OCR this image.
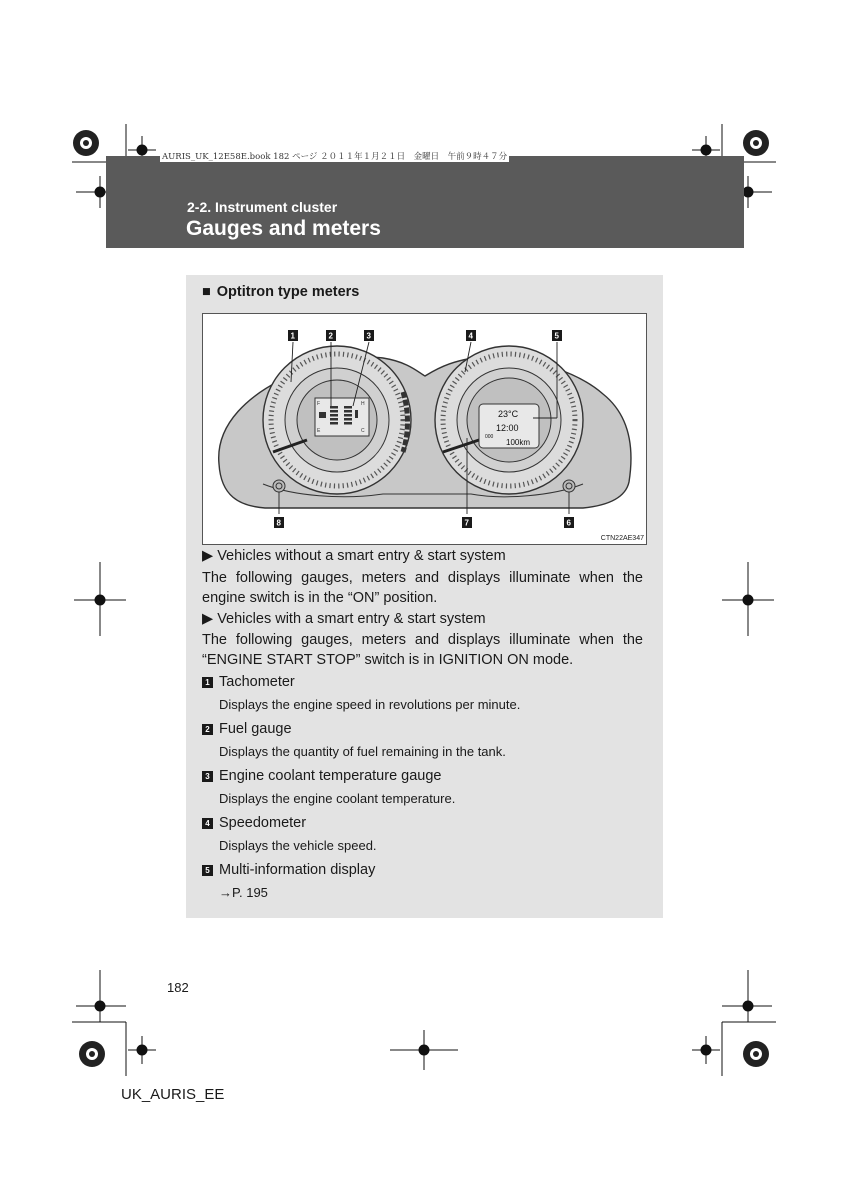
AURIS_UK_12E58E.book 182 ページ ２０１１年１月２１日　金曜日　午前９時４７分
2-2. Instrument cluster
Gauges and meters
■ Optitron type meters
E
F
C
H
23°C
12:00
000
100km
1	2	3	4	5
6
7
8
CTN22AE347
▶ Vehicles without a smart entry & start system
The following gauges, meters and displays illuminate when the engine switch is in the “ON” position.
▶ Vehicles with a smart entry & start system
The following gauges, meters and displays illuminate when the “ENGINE START STOP” switch is in IGNITION ON mode.
1 Tachometer
Displays the engine speed in revolutions per minute.
2 Fuel gauge
Displays the quantity of fuel remaining in the tank.
3 Engine coolant temperature gauge
Displays the engine coolant temperature.
4 Speedometer
Displays the vehicle speed.
5 Multi-information display
→P. 195
182
UK_AURIS_EE
